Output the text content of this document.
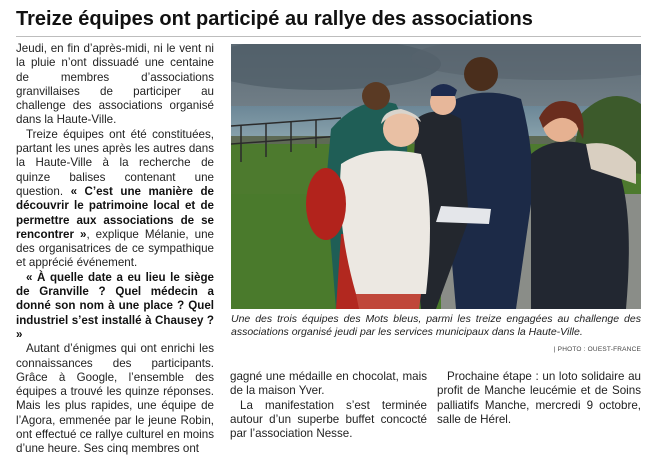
Treize équipes ont participé au rallye des associations

Jeudi, en fin d’après-midi, ni le vent ni la pluie n’ont dissuadé une centaine de membres d’associations granvillaises de participer au challenge des associations organisé dans la Haute-Ville.

Treize équipes ont été constituées, partant les unes après les autres dans la Haute-Ville à la recherche de quinze balises contenant une question. « C’est une manière de découvrir le patrimoine local et de permettre aux associations de se rencontrer », explique Mélanie, une des organisatrices de ce sympathique et apprécié événement.

« À quelle date a eu lieu le siège de Granville ? Quel médecin a donné son nom à une place ? Quel industriel s’est installé à Chausey ? »

Autant d’énigmes qui ont enrichi les connaissances des participants. Grâce à Google, l’ensemble des équipes a trouvé les quinze réponses. Mais les plus rapides, une équipe de l’Agora, emmenée par le jeune Robin, ont effectué ce rallye culturel en moins d’une heure. Ses cinq membres ont

Une des trois équipes des Mots bleus, parmi les treize engagées au challenge des associations organisé jeudi par les services municipaux dans la Haute-Ville.

| PHOTO : OUEST-FRANCE

gagné une médaille en chocolat, mais de la maison Yver.

La manifestation s’est terminée autour d’un superbe buffet concocté par l’association Nesse.

Prochaine étape : un loto solidaire au profit de Manche leucémie et de Soins palliatifs Manche, mercredi 9 octobre, salle de Hérel.
